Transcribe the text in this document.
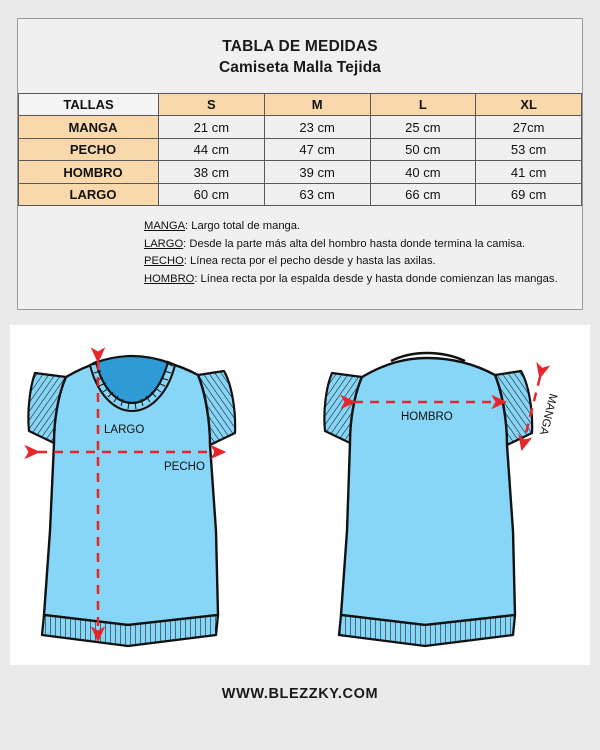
TABLA DE MEDIDAS
Camiseta Malla Tejida
TALLAS	S	M	L	XL
MANGA	21 cm	23 cm	25 cm	27cm
PECHO	44 cm	47 cm	50 cm	53 cm
HOMBRO	38 cm	39 cm	40 cm	41 cm
LARGO	60 cm	63 cm	66 cm	69 cm
MANGA: Largo total de manga.
LARGO: Desde la parte más alta del hombro hasta donde termina la camisa.
PECHO: Línea recta por el pecho desde y hasta las axilas.
HOMBRO: Línea recta por la espalda desde y hasta donde comienzan las mangas.
LARGO
PECHO
HOMBRO	MANGA
WWW.BLEZZKY.COM
